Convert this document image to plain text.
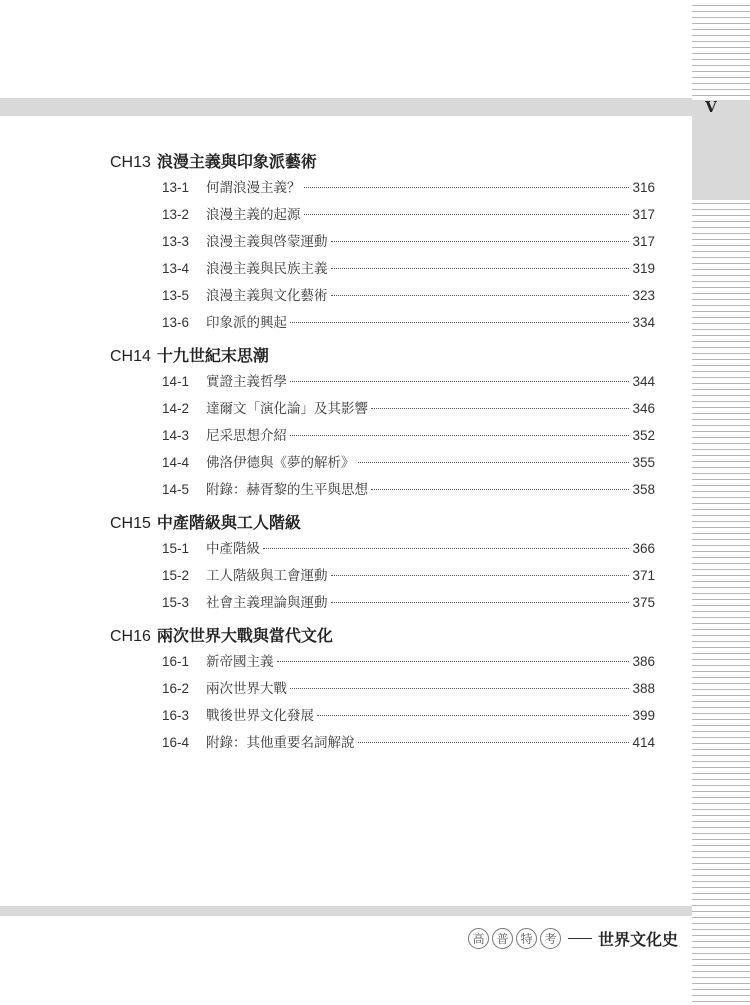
V
CH13 浪漫主義與印象派藝術
13-1	何謂浪漫主義？	316
13-2	浪漫主義的起源	317
13-3	浪漫主義與啓蒙運動	317
13-4	浪漫主義與民族主義	319
13-5	浪漫主義與文化藝術	323
13-6	印象派的興起	334
CH14 十九世紀末思潮
14-1	實證主義哲學	344
14-2	達爾文「演化論」及其影響	346
14-3	尼采思想介紹	352
14-4	佛洛伊德與《夢的解析》	355
14-5	附錄：赫胥黎的生平與思想	358
CH15 中產階級與工人階級
15-1	中產階級	366
15-2	工人階級與工會運動	371
15-3	社會主義理論與運動	375
CH16 兩次世界大戰與當代文化
16-1	新帝國主義	386
16-2	兩次世界大戰	388
16-3	戰後世界文化發展	399
16-4	附錄：其他重要名詞解說	414
高 普 特 考	世界文化史
